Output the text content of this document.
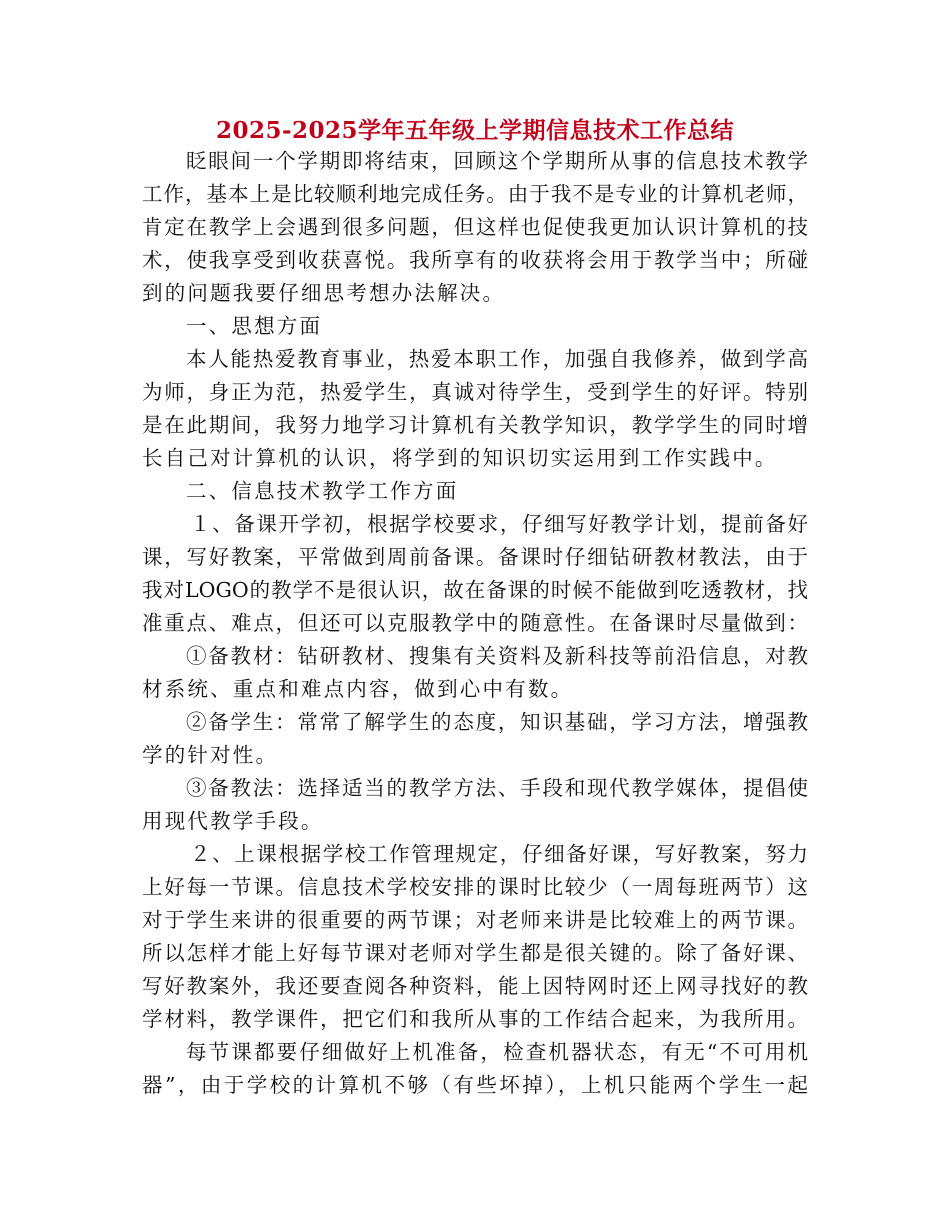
2025-2025学年五年级上学期信息技术工作总结
眨眼间一个学期即将结束，回顾这个学期所从事的信息技术教学
工作，基本上是比较顺利地完成任务。由于我不是专业的计算机老师，
肯定在教学上会遇到很多问题，但这样也促使我更加认识计算机的技
术，使我享受到收获喜悦。我所享有的收获将会用于教学当中；所碰
到的问题我要仔细思考想办法解决。
一、思想方面
本人能热爱教育事业，热爱本职工作，加强自我修养，做到学高
为师，身正为范，热爱学生，真诚对待学生，受到学生的好评。特别
是在此期间，我努力地学习计算机有关教学知识，教学学生的同时增
长自己对计算机的认识，将学到的知识切实运用到工作实践中。
二、信息技术教学工作方面
１、备课开学初，根据学校要求，仔细写好教学计划，提前备好
课，写好教案，平常做到周前备课。备课时仔细钻研教材教法，由于
我对LOGO的教学不是很认识，故在备课的时候不能做到吃透教材，找
准重点、难点，但还可以克服教学中的随意性。在备课时尽量做到：
①备教材：钻研教材、搜集有关资料及新科技等前沿信息，对教
材系统、重点和难点内容，做到心中有数。
②备学生：常常了解学生的态度，知识基础，学习方法，增强教
学的针对性。
③备教法：选择适当的教学方法、手段和现代教学媒体，提倡使
用现代教学手段。
２、上课根据学校工作管理规定，仔细备好课，写好教案，努力
上好每一节课。信息技术学校安排的课时比较少（一周每班两节）这
对于学生来讲的很重要的两节课；对老师来讲是比较难上的两节课。
所以怎样才能上好每节课对老师对学生都是很关键的。除了备好课、
写好教案外，我还要查阅各种资料，能上因特网时还上网寻找好的教
学材料，教学课件，把它们和我所从事的工作结合起来，为我所用。
每节课都要仔细做好上机准备，检查机器状态，有无“不可用机
器”，由于学校的计算机不够（有些坏掉），上机只能两个学生一起
